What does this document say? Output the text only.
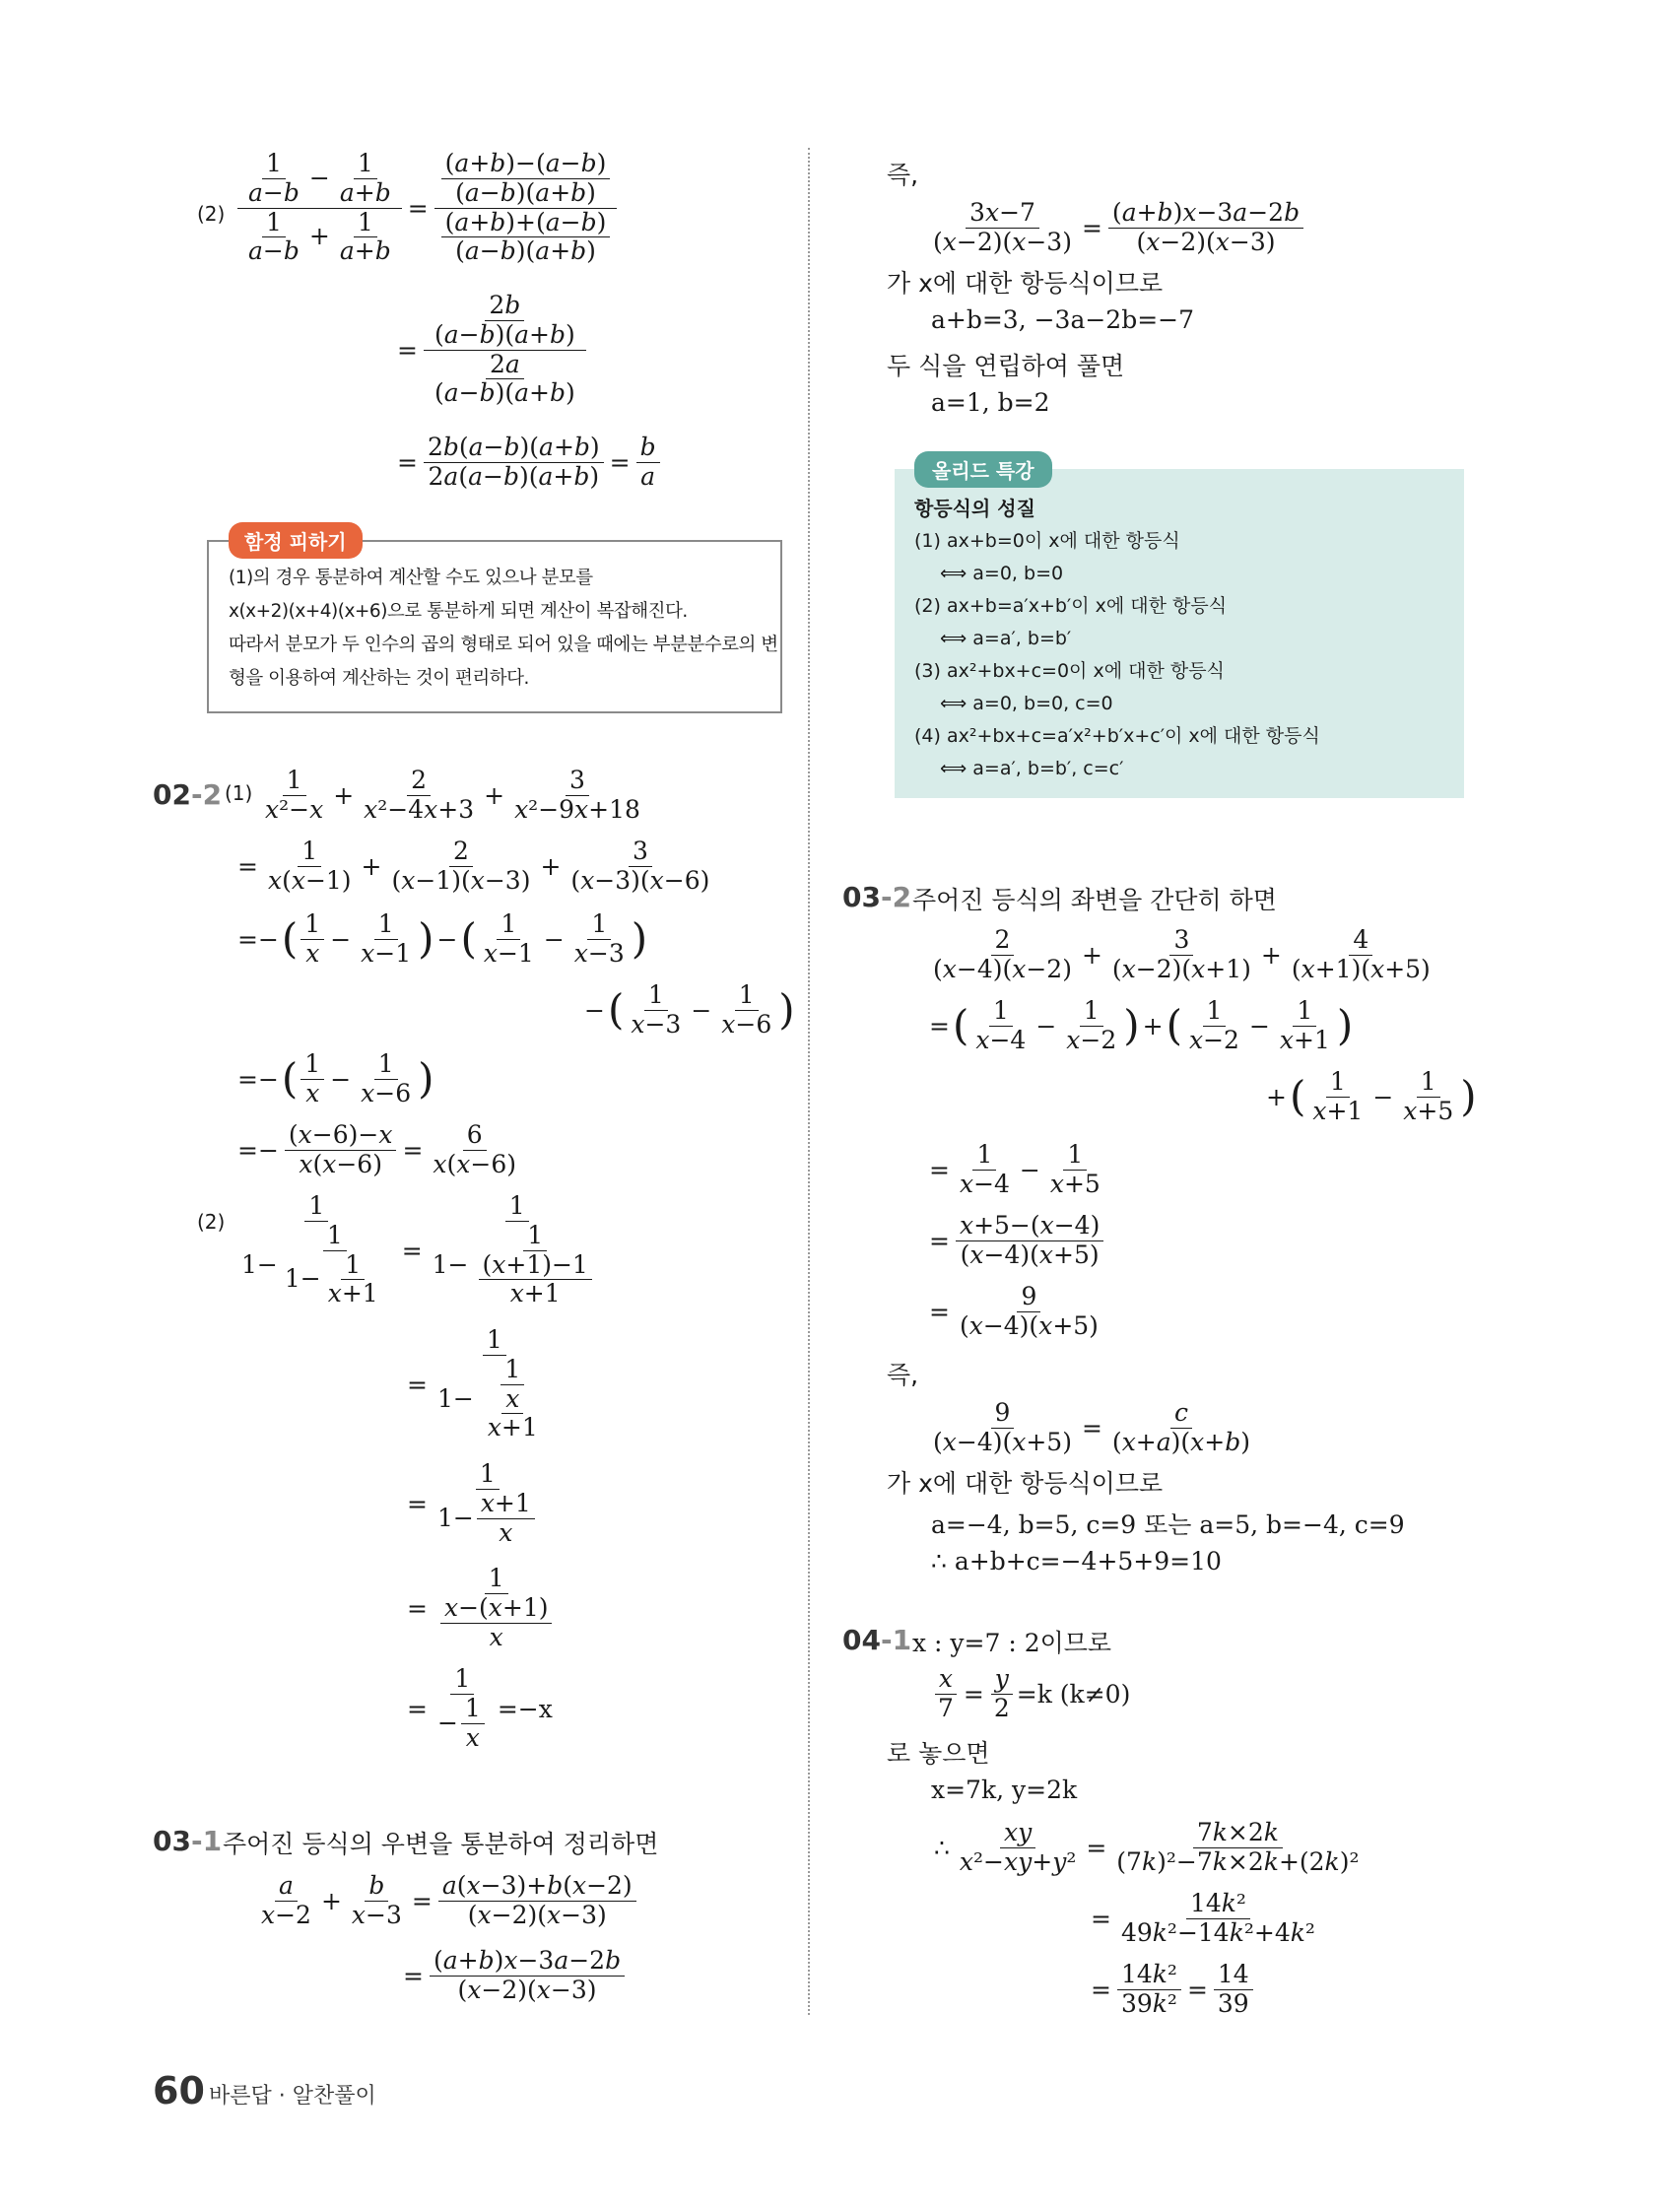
$(2) \frac{\frac{1}{a - b} - \frac{1}{a + b}}{\frac{1}{a - b} + \frac{1}{a + b}} = \frac{\frac{( a + b )-( a - b )}{( a - b )( a + b )}}{\frac{( a + b )+( a - b )}{( a - b )( a + b )}}$
= $\frac{\frac{2 b}{( a - b )( a + b )}}{\frac{2 a}{( a - b )( a + b )}}$
= $\frac{2 b ( a - b )( a + b )}{2 a ( a - b )( a + b )} = \frac{b}{a}$
함정 피하기
(1)의 경우 통분하여 계산할 수도 있으나 분모를
x(x+2)(x+4)(x+6)으로 통분하게 되면 계산이 복잡해진다.
따라서 분모가 두 인수의 곱의 형태로 되어 있을 때에는 부분분수로의 변
형을 이용하여 계산하는 것이 편리하다.
02-2 $(1) \frac{1}{\text{x ²− x}} + \frac{2}{\text{x ²−4 x +3}} + \frac{3}{\text{x ²−9 x +18}}$
= $\frac{1}{x ( x -1)} + \frac{2}{( x -1)( x -3)} + \frac{3}{( x -3)( x -6)}$
=− ( $\frac{1}{x} - \frac{1}{x -1}$ ) − ( $\frac{1}{x -1} - \frac{1}{x -3}$ )
− ( $\frac{1}{x -3} - \frac{1}{x -6}$ )
=− ( $\frac{1}{x} - \frac{1}{x -6}$ )
=− $\frac{( x -6)- x}{x ( x -6)} = \frac{6}{x ( x -6)}$
$(2) \frac{1}{1- \frac{1}{1- \frac{1}{x +1}}} = \frac{1}{1- \frac{1}{\frac{( x +1)-1}{x +1}}}$
= $\frac{1}{1- \frac{1}{\frac{x}{x +1}}}$
= $\frac{1}{1- \frac{x +1}{x}}$
= $\frac{1}{\frac{x -( x +1)}{x}}$
= $\frac{1}{- \frac{1}{x}} =-x$
03-1 주어진 등식의 우변을 통분하여 정리하면
$\frac{a}{x -2} + \frac{b}{x -3} = \frac{a ( x -3)+ b ( x -2)}{( x -2)( x -3)}$
= $\frac{( a + b ) x -3 a -2 b}{( x -2)( x -3)}$
즉,
$\frac{3 x -7}{( x -2)( x -3)} = \frac{( a + b ) x -3 a -2 b}{( x -2)( x -3)}$
가 x에 대한 항등식이므로
a+b=3, −3a−2b=−7
두 식을 연립하여 풀면
a=1, b=2
올리드 특강
항등식의 성질
(1) ax+b=0이 x에 대한 항등식
⟺ a=0, b=0
(2) ax+b=a′x+b′이 x에 대한 항등식
⟺ a=a′, b=b′
(3) ax²+bx+c=0이 x에 대한 항등식
⟺ a=0, b=0, c=0
(4) ax²+bx+c=a′x²+b′x+c′이 x에 대한 항등식
⟺ a=a′, b=b′, c=c′
03-2 주어진 등식의 좌변을 간단히 하면
$\frac{2}{( x -4)( x -2)} + \frac{3}{( x -2)( x +1)} + \frac{4}{( x +1)( x +5)}$
= ( $\frac{1}{x -4} - \frac{1}{x -2}$ ) + ( $\frac{1}{x -2} - \frac{1}{x +1}$ )
+ ( $\frac{1}{x +1} - \frac{1}{x +5}$ )
= $\frac{1}{x -4} - \frac{1}{x +5}$
= $\frac{x +5-( x -4)}{( x -4)( x +5)}$
= $\frac{9}{( x -4)( x +5)}$
즉,
$\frac{9}{( x -4)( x +5)} = \frac{c}{( x + a )( x + b )}$
가 x에 대한 항등식이므로
a=−4, b=5, c=9 또는 a=5, b=−4, c=9
∴ a+b+c=−4+5+9=10
04-1 x : y=7 : 2이므로
$\frac{x}{7} = \frac{y}{2} =k$ (k≠0)
로 놓으면
x=7k, y=2k
∴ $\frac{xy}{\text{x ²− xy + y ²}} = \frac{7 k \times 2 k}{\text{(7 k )²−7 k ×2 k +(2 k )²}}$
= $\frac{\text{14 k ²}}{\text{49 k ²−14 k ²+4 k ²}}$
= $\frac{\text{14 k ²}}{\text{39 k ²}} = \frac{14}{39}$
60 바른답 · 알찬풀이
